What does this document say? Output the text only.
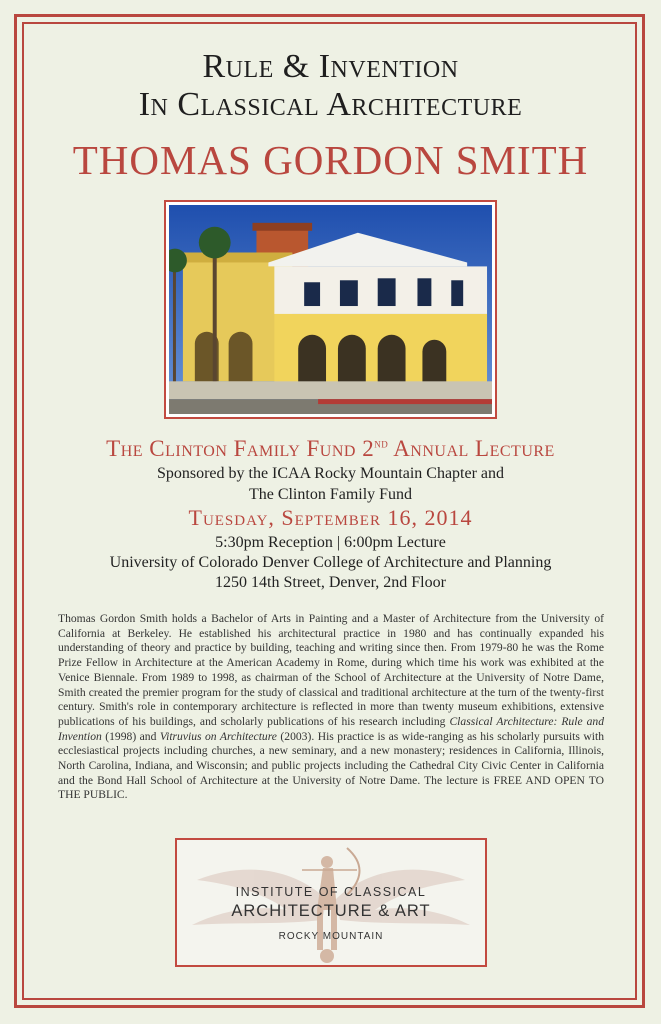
Rule & Invention
In Classical Architecture
THOMAS GORDON SMITH
The Clinton Family Fund 2nd Annual Lecture
Sponsored by the ICAA Rocky Mountain Chapter and
The Clinton Family Fund
Tuesday, September 16, 2014
5:30pm Reception | 6:00pm Lecture
University of Colorado Denver College of Architecture and Planning
1250 14th Street, Denver, 2nd Floor
Thomas Gordon Smith holds a Bachelor of Arts in Painting and a Master of Architecture from the University of California at Berkeley. He established his architectural practice in 1980 and has continually expanded his understanding of theory and practice by building, teaching and writing since then. From 1979-80 he was the Rome Prize Fellow in Architecture at the American Academy in Rome, during which time his work was exhibited at the Venice Biennale. From 1989 to 1998, as chairman of the School of Architecture at the University of Notre Dame, Smith created the premier program for the study of classical and traditional architecture at the turn of the twenty-first century. Smith's role in contemporary architecture is reflected in more than twenty museum exhibitions, extensive publications of his buildings, and scholarly publications of his research including Classical Architecture: Rule and Invention (1998) and Vitruvius on Architecture (2003). His practice is as wide-ranging as his scholarly pursuits with ecclesiastical projects including churches, a new seminary, and a new monastery; residences in California, Illinois, North Carolina, Indiana, and Wisconsin; and public projects including the Cathedral City Civic Center in California and the Bond Hall School of Architecture at the University of Notre Dame. The lecture is FREE AND OPEN TO THE PUBLIC.
INSTITUTE OF CLASSICAL
ARCHITECTURE & ART
ROCKY MOUNTAIN
